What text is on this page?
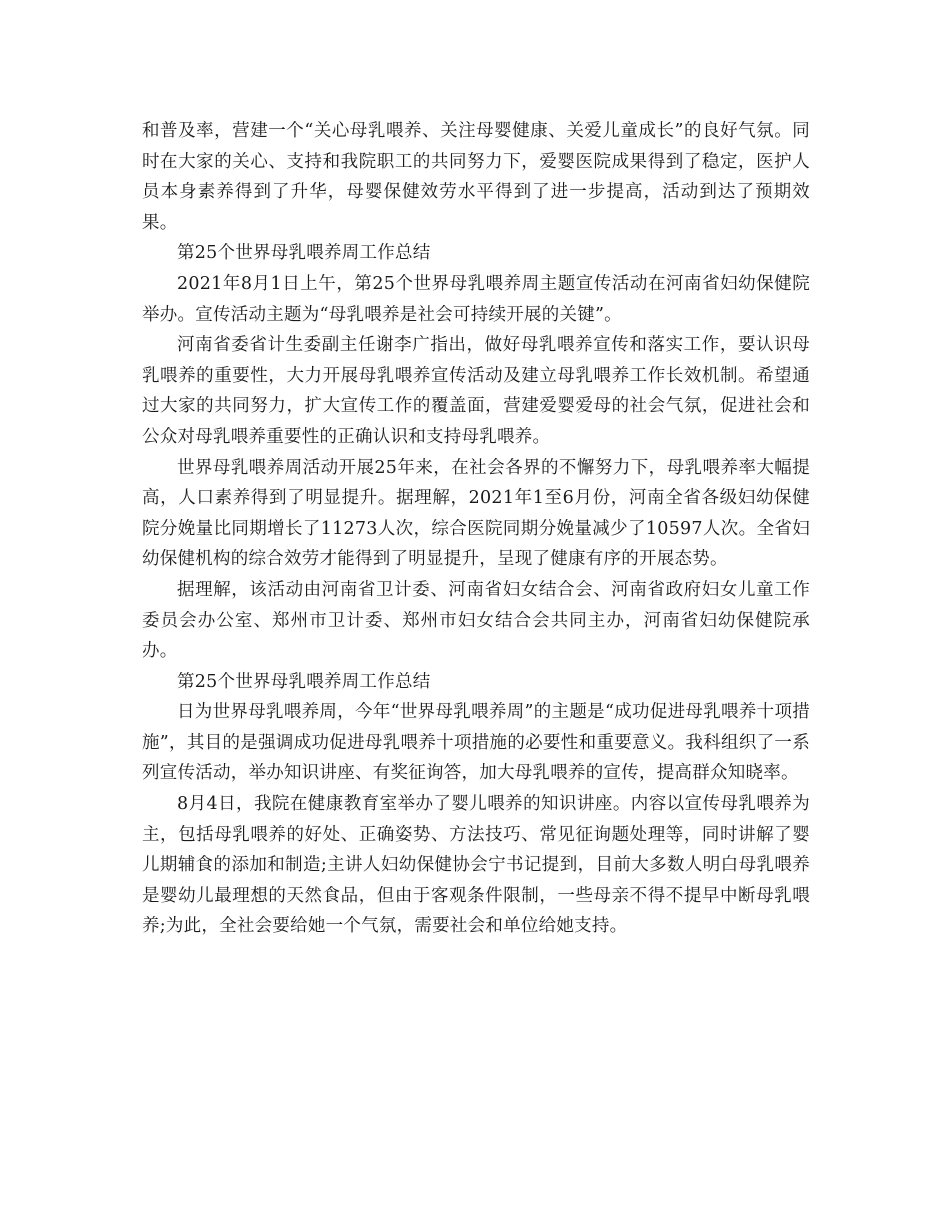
和普及率，营建一个“关心母乳喂养、关注母婴健康、关爱儿童成长”的良好气氛。同时在大家的关心、支持和我院职工的共同努力下，爱婴医院成果得到了稳定，医护人员本身素养得到了升华，母婴保健效劳水平得到了进一步提高，活动到达了预期效果。

第25个世界母乳喂养周工作总结

2021年8月1日上午，第25个世界母乳喂养周主题宣传活动在河南省妇幼保健院举办。宣传活动主题为“母乳喂养是社会可持续开展的关键”。

河南省委省计生委副主任谢李广指出，做好母乳喂养宣传和落实工作，要认识母乳喂养的重要性，大力开展母乳喂养宣传活动及建立母乳喂养工作长效机制。希望通过大家的共同努力，扩大宣传工作的覆盖面，营建爱婴爱母的社会气氛，促进社会和公众对母乳喂养重要性的正确认识和支持母乳喂养。

世界母乳喂养周活动开展25年来，在社会各界的不懈努力下，母乳喂养率大幅提高，人口素养得到了明显提升。据理解，2021年1至6月份，河南全省各级妇幼保健院分娩量比同期增长了11273人次，综合医院同期分娩量减少了10597人次。全省妇幼保健机构的综合效劳才能得到了明显提升，呈现了健康有序的开展态势。

据理解，该活动由河南省卫计委、河南省妇女结合会、河南省政府妇女儿童工作委员会办公室、郑州市卫计委、郑州市妇女结合会共同主办，河南省妇幼保健院承办。

第25个世界母乳喂养周工作总结

日为世界母乳喂养周，今年“世界母乳喂养周”的主题是“成功促进母乳喂养十项措施”，其目的是强调成功促进母乳喂养十项措施的必要性和重要意义。我科组织了一系列宣传活动，举办知识讲座、有奖征询答，加大母乳喂养的宣传，提高群众知晓率。

8月4日，我院在健康教育室举办了婴儿喂养的知识讲座。内容以宣传母乳喂养为主，包括母乳喂养的好处、正确姿势、方法技巧、常见征询题处理等，同时讲解了婴儿期辅食的添加和制造;主讲人妇幼保健协会宁书记提到，目前大多数人明白母乳喂养是婴幼儿最理想的天然食品，但由于客观条件限制，一些母亲不得不提早中断母乳喂养;为此，全社会要给她一个气氛，需要社会和单位给她支持。
